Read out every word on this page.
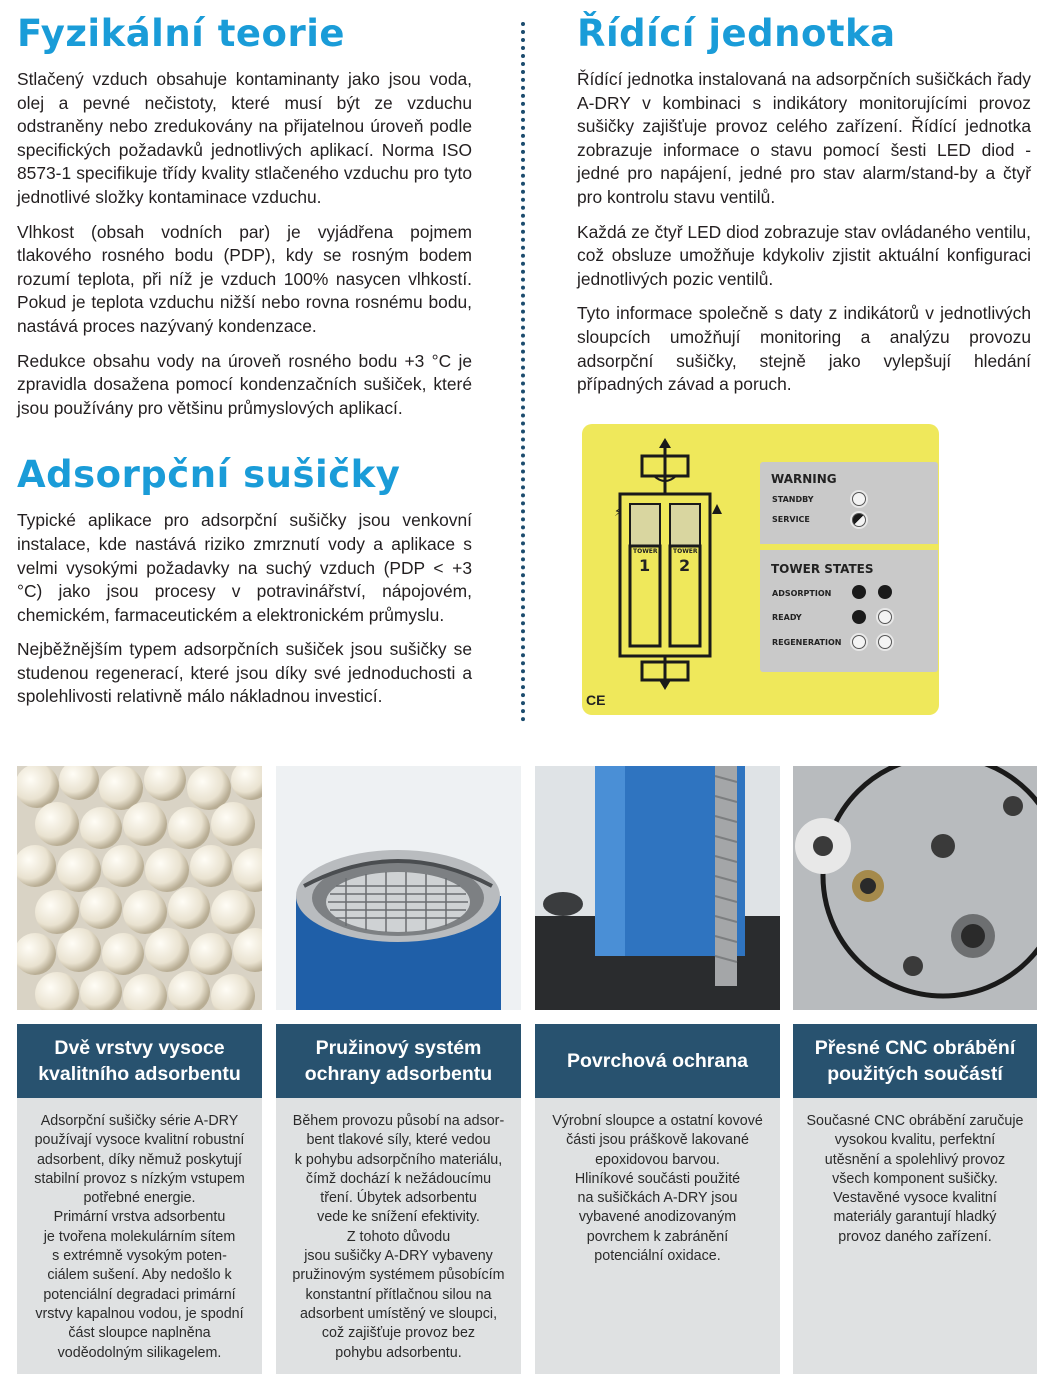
Fyzikální teorie

Stlačený vzduch obsahuje kontaminanty jako jsou voda, olej a pevné nečistoty, které musí být ze vzduchu odstraněny nebo zredukovány na přijatelnou úroveň podle specifických požadavků jednotlivých aplikací. Norma ISO 8573-1 specifikuje třídy kvality stlačeného vzduchu pro tyto jednotlivé složky kontaminace vzduchu.

Vlhkost (obsah vodních par) je vyjádřena pojmem tlakového rosného bodu (PDP), kdy se rosným bodem rozumí teplota, při níž je vzduch 100% nasycen vlhkostí. Pokud je teplota vzduchu nižší nebo rovna rosnému bodu, nastává proces nazývaný kondenzace.

Redukce obsahu vody na úroveň rosného bodu +3 °C je zpravidla dosažena pomocí kondenzačních sušiček, které jsou používány pro většinu průmyslových aplikací.

Adsorpční sušičky

Typické aplikace pro adsorpční sušičky jsou venkovní instalace, kde nastává riziko zmrznutí vody a aplikace s velmi vysokými požadavky na suchý vzduch (PDP < +3 °C) jako jsou procesy v potravinářství, nápojovém, chemickém, farmaceutickém a elektronickém průmyslu.

Nejběžnějším typem adsorpčních sušiček jsou sušičky se studenou regenerací, které jsou díky své jednoduchosti a spolehlivosti relativně málo nákladnou investicí.

Řídící jednotka

Řídící jednotka instalovaná na adsorpčních sušičkách řady A-DRY v kombinaci s indikátory monitorujícími provoz sušičky zajišťuje provoz celého zařízení. Řídící jednotka zobrazuje informace o stavu pomocí šesti LED diod - jedné pro napájení, jedné pro stav alarm/stand-by a čtyř pro kontrolu stavu ventilů.

Každá ze čtyř LED diod zobrazuje stav ovládaného ventilu, což obsluze umožňuje kdykoliv zjistit aktuální konfiguraci jednotlivých pozic ventilů.

Tyto informace společně s daty z indikátorů v jednotlivých sloupcích umožňují monitoring a analýzu provozu adsorpční sušičky, stejně jako vylepšují hledání případných závad a poruch.

⚡
TOWER
1
TOWER
2
WARNING
STANDBY
SERVICE
TOWER STATES
ADSORPTION
READY
REGENERATION
CE
Dvě vrstvy vysoce
kvalitního adsorbentu
Pružinový systém
ochrany adsorbentu
Povrchová ochrana
Přesné CNC obrábění
použitých součástí
Adsorpční sušičky série A-DRY
používají vysoce kvalitní robustní
adsorbent, díky němuž poskytují
stabilní provoz s nízkým vstupem
potřebné energie.
Primární vrstva adsorbentu
je tvořena molekulárním sítem
s extrémně vysokým poten-
ciálem sušení. Aby nedošlo k
potenciální degradaci primární
vrstvy kapalnou vodou, je spodní
část sloupce naplněna
voděodolným silikagelem.
Během provozu působí na adsor-
bent tlakové síly, které vedou
k pohybu adsorpčního materiálu,
čímž dochází k nežádoucímu
tření. Úbytek adsorbentu
vede ke snížení efektivity.
Z tohoto důvodu
jsou sušičky A-DRY vybaveny
pružinovým systémem působícím
konstantní přítlačnou silou na
adsorbent umístěný ve sloupci,
což zajišťuje provoz bez
pohybu adsorbentu.
Výrobní sloupce a ostatní kovové
části jsou práškově lakované
epoxidovou barvou.
Hliníkové součásti použité
na sušičkách A-DRY jsou
vybavené anodizovaným
povrchem k zabránění
potenciální oxidace.
Současné CNC obrábění zaručuje
vysokou kvalitu, perfektní
utěsnění a spolehlivý provoz
všech komponent sušičky.
Vestavěné vysoce kvalitní
materiály garantují hladký
provoz daného zařízení.
